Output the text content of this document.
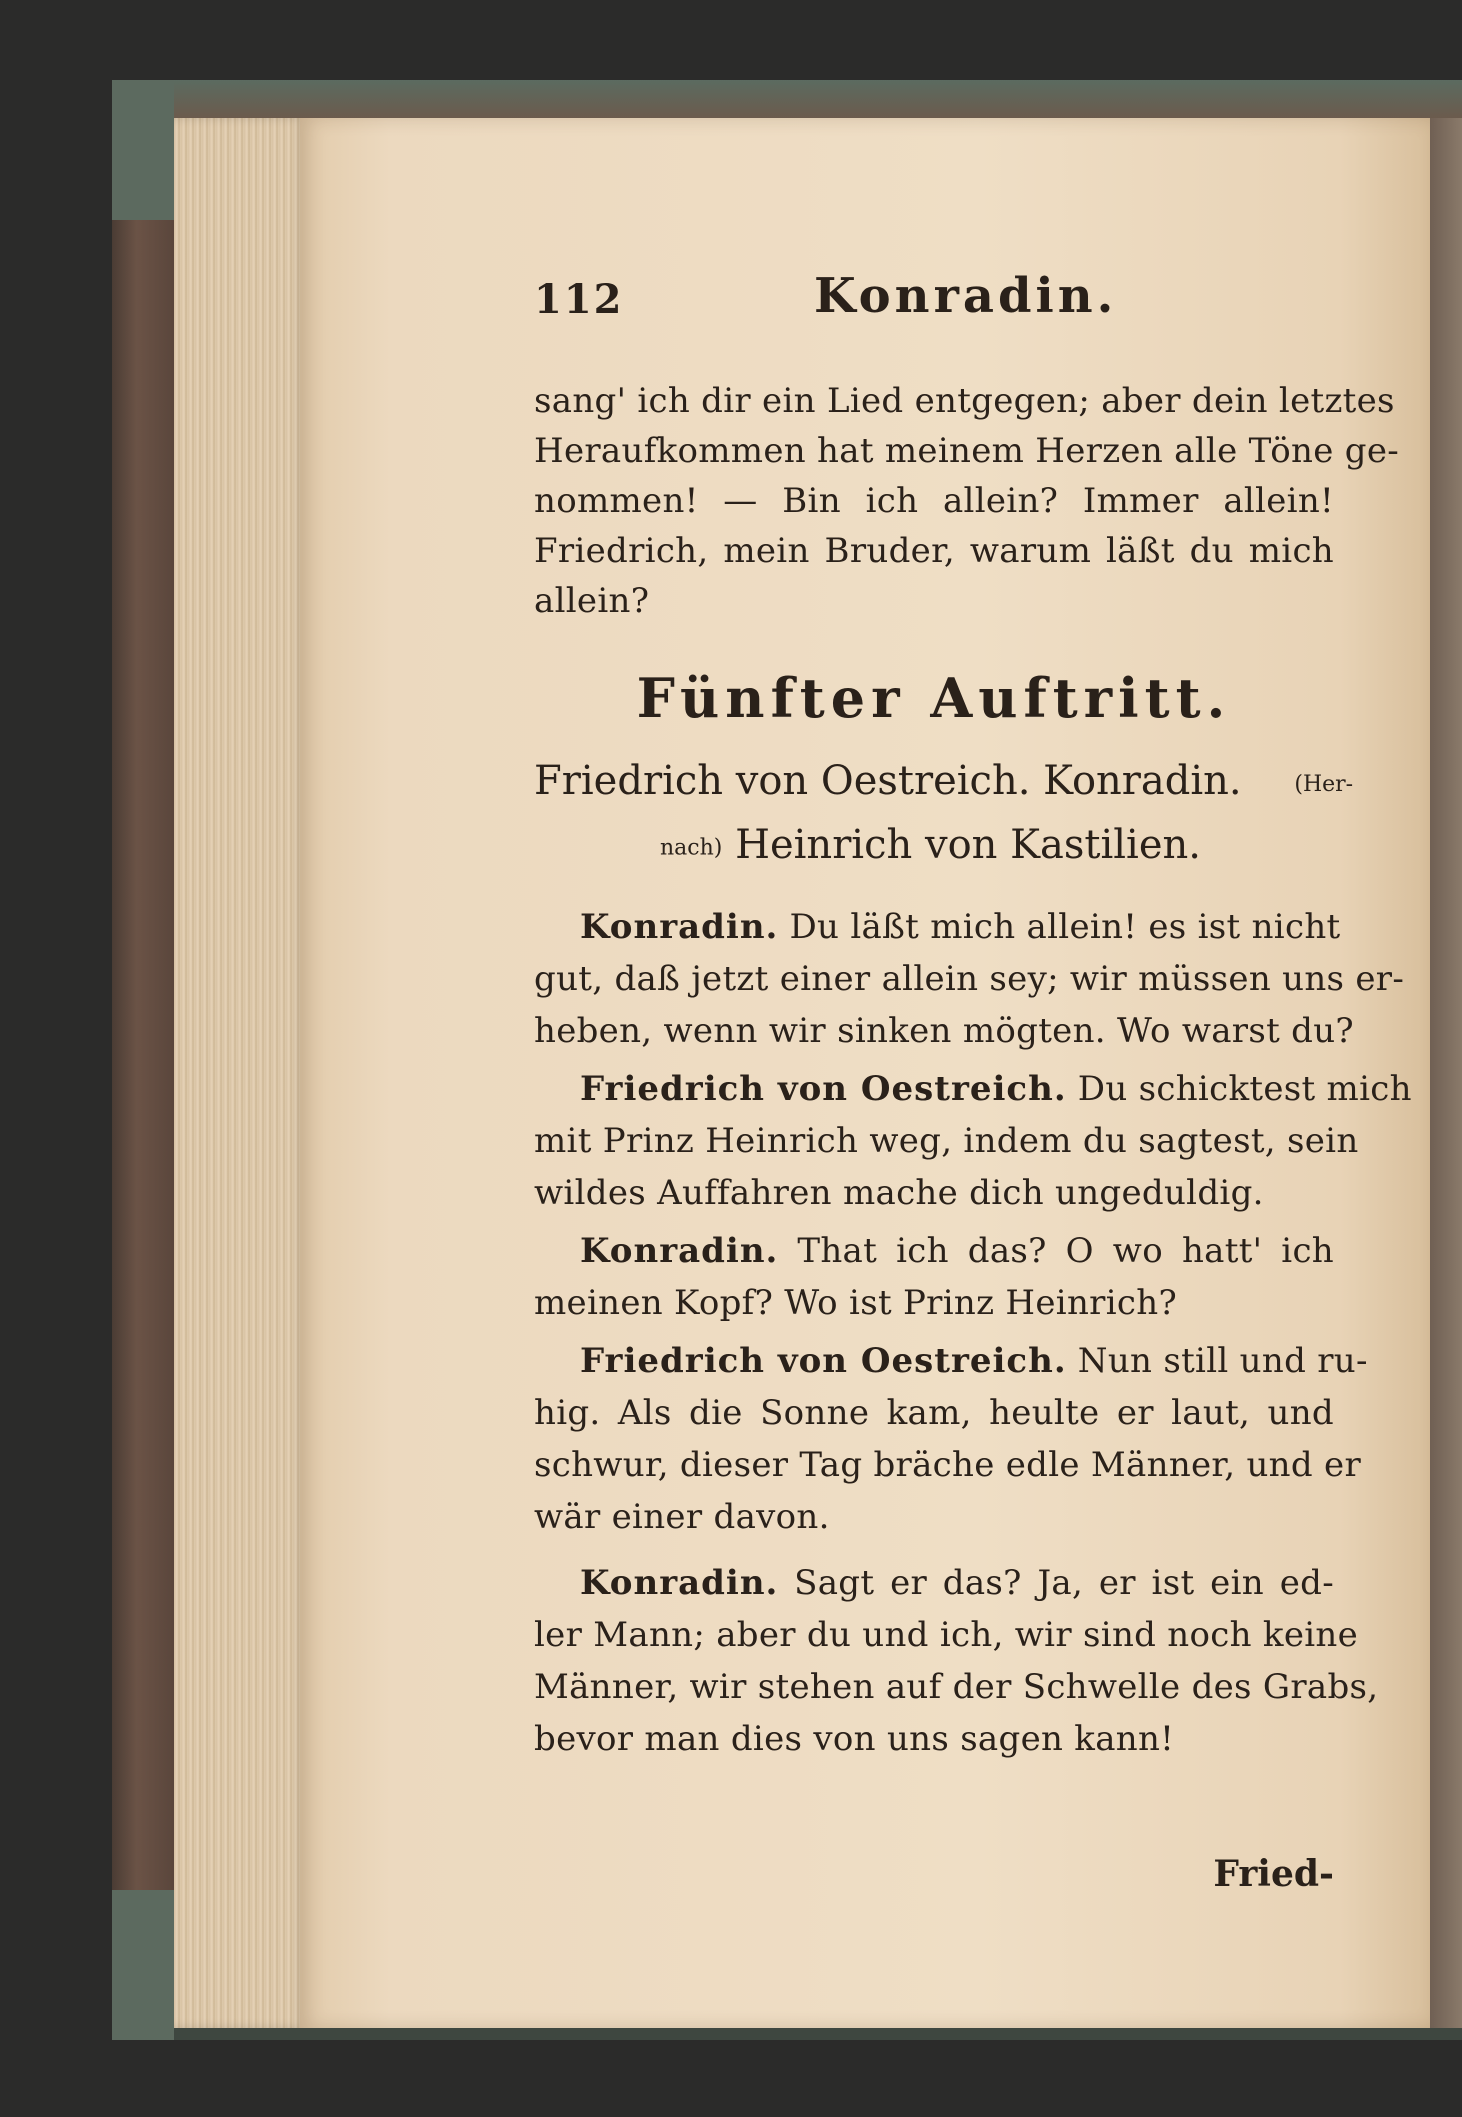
112	Konradin.
sang' ich dir ein Lied entgegen; aber dein letztes
Heraufkommen hat meinem Herzen alle Töne ge-
nommen! — Bin ich allein? Immer allein!
Friedrich, mein Bruder, warum läßt du mich
allein?
Fünfter Auftritt.
Friedrich von Oestreich. Konradin. (Her-
nach) Heinrich von Kastilien.
Konradin. Du läßt mich allein! es ist nicht
gut, daß jetzt einer allein sey; wir müssen uns er-
heben, wenn wir sinken mögten. Wo warst du?
Friedrich von Oestreich. Du schicktest mich
mit Prinz Heinrich weg, indem du sagtest, sein
wildes Auffahren mache dich ungeduldig.
Konradin. That ich das? O wo hatt' ich
meinen Kopf? Wo ist Prinz Heinrich?
Friedrich von Oestreich. Nun still und ru-
hig. Als die Sonne kam, heulte er laut, und
schwur, dieser Tag bräche edle Männer, und er
wär einer davon.
Konradin. Sagt er das? Ja, er ist ein ed-
ler Mann; aber du und ich, wir sind noch keine
Männer, wir stehen auf der Schwelle des Grabs,
bevor man dies von uns sagen kann!
Fried-
